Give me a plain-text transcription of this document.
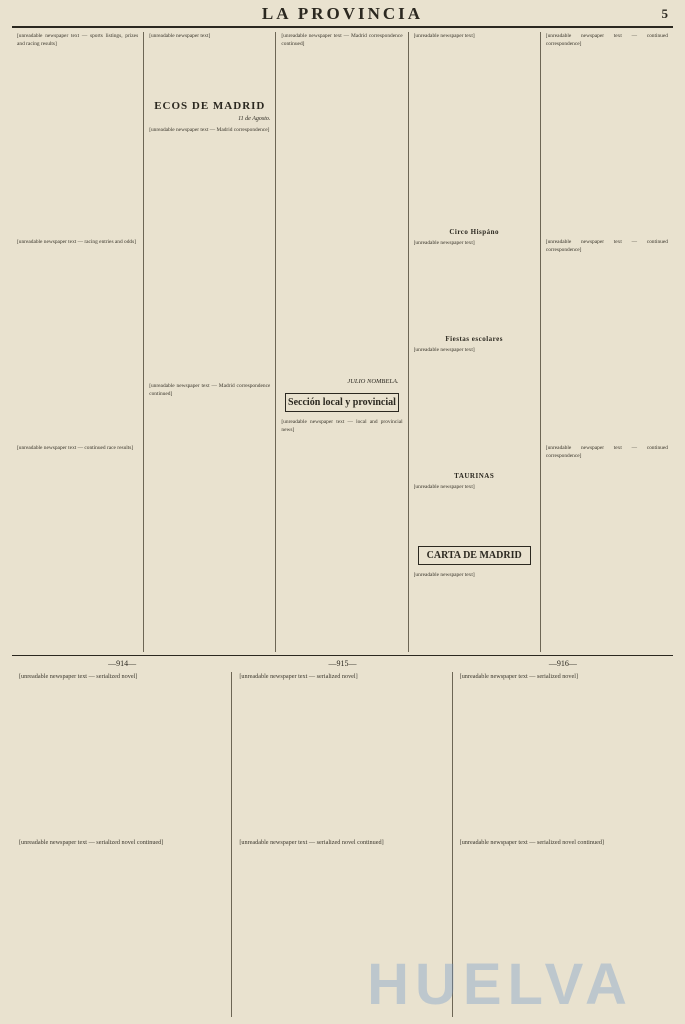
LA PROVINCIA	5
[unreadable newspaper text — sports listings, prizes and racing results]
[unreadable newspaper text — racing entries and odds]
[unreadable newspaper text — continued race results]
[unreadable newspaper text]
ECOS DE MADRID
11 de Agosto.
[unreadable newspaper text — Madrid correspondence]
[unreadable newspaper text — Madrid correspondence continued]
[unreadable newspaper text — Madrid correspondence continued]
JULIO NOMBELA.
Sección local y provincial
[unreadable newspaper text — local and provincial news]
[unreadable newspaper text]
Circo Hispáno
[unreadable newspaper text]
Fiestas escolares
[unreadable newspaper text]
TAURINAS
[unreadable newspaper text]
CARTA DE MADRID
[unreadable newspaper text]
[unreadable newspaper text — continued correspondence]
[unreadable newspaper text — continued correspondence]
[unreadable newspaper text — continued correspondence]
—914—	—915—	—916—
[unreadable newspaper text — serialized novel]
[unreadable newspaper text — serialized novel continued]
[unreadable newspaper text — serialized novel]
[unreadable newspaper text — serialized novel continued]
[unreadable newspaper text — serialized novel]
[unreadable newspaper text — serialized novel continued]
HUELVA
